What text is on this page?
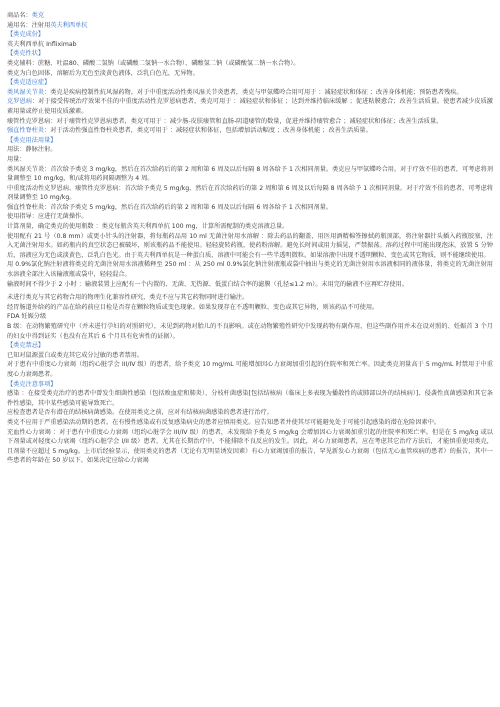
商品名：类克
通用名：注射用英夫利西单抗
【类克成份】
英夫利西单抗 Infliximab
【类克性状】
类克辅料：蔗糖、吐温80、磷酸二氢钠（或磷酸二氢钠一水合物）、磷酸氢二钠（或磷酸氢二钠一水合物）。
类克为白色固体，溶解后为无色至淡黄色液体，泛乳白色光，无异物。
【类克适应症】
类风湿关节炎：类克是疾病控制性抗风湿药物。对于中重度活动性类风湿关节炎患者，类克与甲氨蝶呤合用可用于 ：减轻症状和体征 ；改善身体机能；预防患者残疾。
克罗恩病：对于接受传统治疗效果不佳的中重度活动性克罗恩病患者，类克可用于 ：减轻症状和体征 ；达到并维持临床缓解 ；促进粘膜愈合；改善生活质量。使患者减少皮质激素用量或停止使用皮质激素。
瘘管性克罗恩病：对于瘘管性克罗恩病患者，类克可用于 ：减少肠-皮肤瘘管和直肠-阴道瘘管的数量，促进并维持瘘管愈合 ；减轻症状和体征；改善生活质量。
强直性脊柱炎：对于活动性强直性脊柱炎患者，类克可用于 ：减轻症状和体征，包括增加活动幅度 ；改善身体机能 ；改善生活质量。
【类克用法用量】
用法：静脉注射。
用量：
类风湿关节炎：首次给予类克 3 mg/kg，然后在首次给药后的第 2 周和第 6 周及以后每隔 8 周各给予 1 次相同剂量。类克应与甲氨蝶呤合用。对于疗效不佳的患者，可考虑将剂量调整至 10 mg/kg，和/或将用药间隔调整为 4 周。
中重度活动性克罗恩病、瘘管性克罗恩病：首次给予类克 5 mg/kg，然后在首次给药后的第 2 周和第 6 周及以后每隔 8 周各给予 1 次相同剂量。对于疗效不佳的患者，可考虑将剂量调整至 10 mg/kg。
强直性脊柱炎：首次给予类克 5 mg/kg，然后在首次给药后的第 2 周和第 6 周及以后每隔 6 周各给予 1 次相同剂量。
使用指导：应进行无菌操作。
计算剂量，确定类克的使用瓶数 ：类克每瓶含英夫利西单抗 100 mg，计算所需配制的类克溶液总量。
使用配有 21 号（0.8 mm）或更小针头的注射器，将每瓶药品用 10 ml 无菌注射用水溶解 ：除去药品的翻盖，用医用酒精棉签擦拭药瓶顶部，将注射器针头插入药瓶胶塞，注入无菌注射用水。如药瓶内的真空状态已被破坏，则该瓶药品不能使用。轻轻旋转药瓶，使药粉溶解。避免长时间或用力摇晃，严禁振荡。溶药过程中可能出现泡沫，放置 5 分钟后，溶液应为无色或淡黄色，泛乳白色光。由于英夫利西单抗是一种蛋白质，溶液中可能会有一些半透明微粒。如果溶液中出现不透明颗粒、变色或其它物质，则不能继续使用。
用 0.9%氯化钠注射液将类克的无菌注射用水溶液稀释至 250 ml ：从 250 ml 0.9%氯化钠注射液瓶或袋中抽出与类克的无菌注射用水溶液相同的液体量，将类克的无菌注射用水溶液全部注入该输液瓶或袋中，轻轻混合。
输液时间不得少于 2 小时 ：输液装置上应配有一个内置的、无菌、无热源、低蛋白结合率的滤膜（孔径≤1.2 m）。未用完的输液不应再贮存使用。
未进行类克与其它药物合用的物理生化兼容性研究，类克不应与其它药物同时进行输注。
经胃肠道外给药的产品在给药前应目检是否存在颗粒物质或变色现象。如果发现存在不透明颗粒、变色或其它异物，则该药品不可使用。
FDA 妊娠分级
B 级：在动物繁殖研究中（并未进行孕妇的对照研究），未见到药物对胎儿的不良影响。或在动物繁殖性研究中发现药物有副作用，但这些副作用并未在设对照的、妊娠首 3 个月的妇女中得到证实（也没有在其后 6 个月具有危害性的证据）。
【类克禁忌】
已知对鼠源蛋白或类克其它成分过敏的患者禁用。
对于患有中重度心力衰竭（纽约心脏学会 III/IV 级）的患者，给予类克 10 mg/mL 可能增加因心力衰竭加重引起的住院率和死亡率。因此类克剂量高于 5 mg/mL 时禁用于中重度心力衰竭患者。
【类克注意事项】
感染 ：在接受类克治疗的患者中曾发生细菌性感染（包括败血症和肺炎）、分枝杆菌感染[包括结核病（临床上多表现为播散性的或肺部以外的结核病）]、侵袭性真菌感染和其它条件性感染，其中某些感染可能导致死亡。
应检查患者是否有潜在的结核病菌感染。在使用类克之前，应对有结核病菌感染的患者进行治疗。
类克不应用于严重感染活动期的患者。在有慢性感染或有反复感染病史的患者应慎用类克。应告知患者并使其尽可能避免处于可能引起感染的潜在危险因素中。
充血性心力衰竭 ：对于患有中重度心力衰竭（纽约心脏学会 III/IV 级）的患者，未发现给予类克 5 mg/kg 会增加因心力衰竭加重引起的住院率和死亡率。但是在 5 mg/kg 或以下剂量或对轻度心力衰竭（纽约心脏学会 I/II 级）患者，尤其在长期治疗中，不能排除不良反应的发生。因此，对心力衰竭患者，应在考虑其它治疗方法后，才能慎重使用类克，且剂量不应超过 5 mg/kg。上市后经验显示，使用类克的患者（无论有无明显诱发因素）有心力衰竭加重的报告，罕见新发心力衰竭（包括无心血管疾病的患者）的报告，其中一些患者的年龄在 50 岁以下。如果决定应给心力衰竭
